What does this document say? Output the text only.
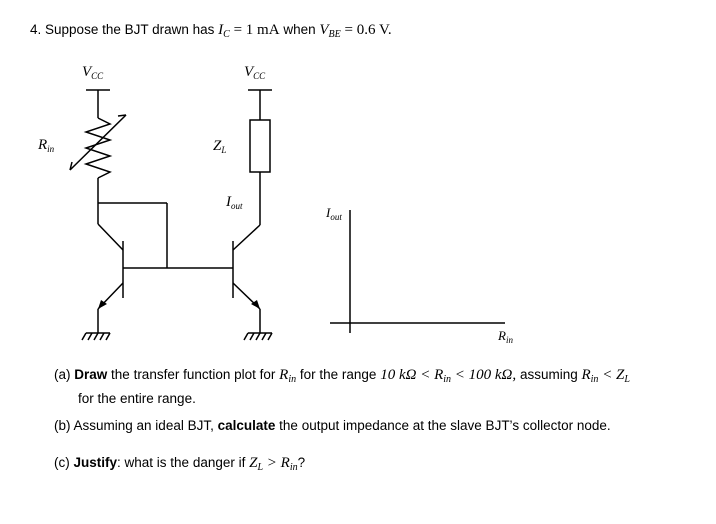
4. Suppose the BJT drawn has $I_C = 1$ mA when $V_{BE} = 0.6$ V.
$V_{CC}$	$V_{CC}$
$R_{in}$	$Z_L$
$I_{out}$	$I_{out}$
$R_{in}$
(a) Draw the transfer function plot for $R_{in}$ for the range 10 $k\Omega < R_{in} < 100$ kΩ, assuming $R_{in} < Z_L$
for the entire range.
(b) Assuming an ideal BJT, calculate the output impedance at the slave BJT’s collector node.
(c) Justify: what is the danger if $Z_L > R_{in}$?
